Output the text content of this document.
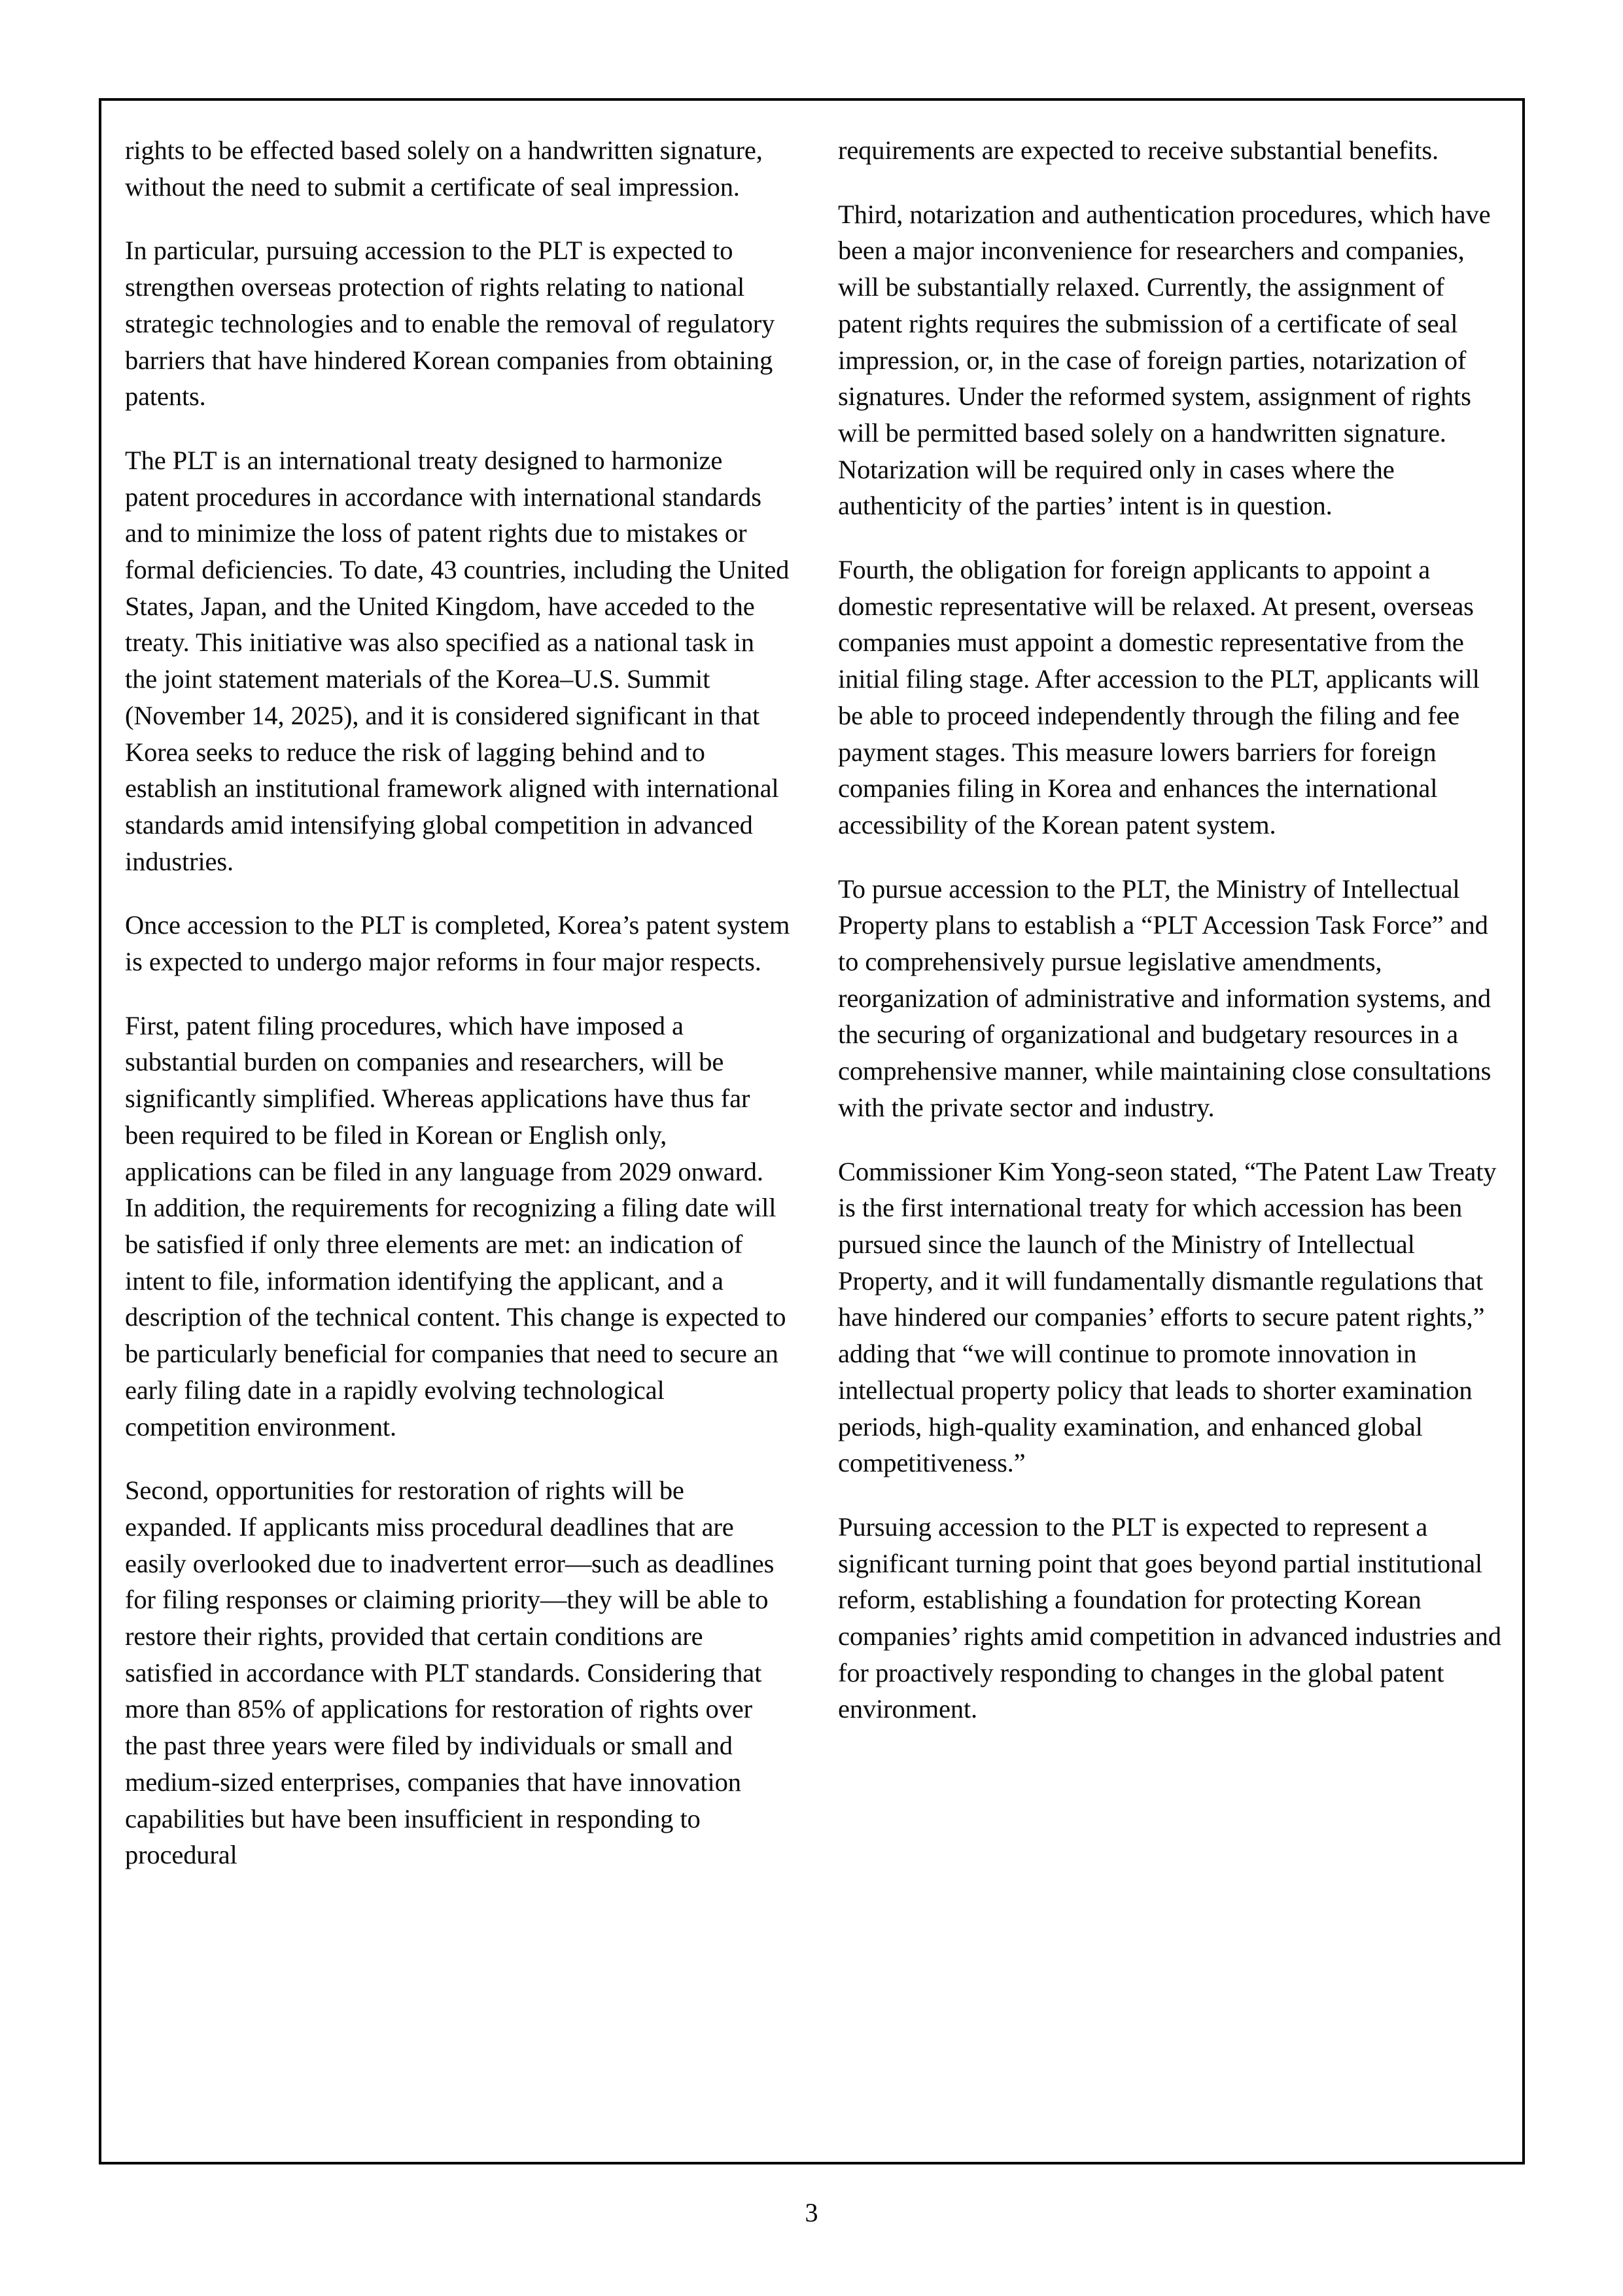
rights to be effected based solely on a handwritten signature, without the need to submit a certificate of seal impression.

In particular, pursuing accession to the PLT is expected to strengthen overseas protection of rights relating to national strategic technologies and to enable the removal of regulatory barriers that have hindered Korean companies from obtaining patents.

The PLT is an international treaty designed to harmonize patent procedures in accordance with international standards and to minimize the loss of patent rights due to mistakes or formal deficiencies. To date, 43 countries, including the United States, Japan, and the United Kingdom, have acceded to the treaty. This initiative was also specified as a national task in the joint statement materials of the Korea–U.S. Summit (November 14, 2025), and it is considered significant in that Korea seeks to reduce the risk of lagging behind and to establish an institutional framework aligned with international standards amid intensifying global competition in advanced industries.

Once accession to the PLT is completed, Korea’s patent system is expected to undergo major reforms in four major respects.

First, patent filing procedures, which have imposed a substantial burden on companies and researchers, will be significantly simplified. Whereas applications have thus far been required to be filed in Korean or English only, applications can be filed in any language from 2029 onward. In addition, the requirements for recognizing a filing date will be satisfied if only three elements are met: an indication of intent to file, information identifying the applicant, and a description of the technical content. This change is expected to be particularly beneficial for companies that need to secure an early filing date in a rapidly evolving technological competition environment.

Second, opportunities for restoration of rights will be expanded. If applicants miss procedural deadlines that are easily overlooked due to inadvertent error—such as deadlines for filing responses or claiming priority—they will be able to restore their rights, provided that certain conditions are satisfied in accordance with PLT standards. Considering that more than 85% of applications for restoration of rights over the past three years were filed by individuals or small and medium-sized enterprises, companies that have innovation capabilities but have been insufficient in responding to procedural

requirements are expected to receive substantial benefits.

Third, notarization and authentication procedures, which have been a major inconvenience for researchers and companies, will be substantially relaxed. Currently, the assignment of patent rights requires the submission of a certificate of seal impression, or, in the case of foreign parties, notarization of signatures. Under the reformed system, assignment of rights will be permitted based solely on a handwritten signature. Notarization will be required only in cases where the authenticity of the parties’ intent is in question.

Fourth, the obligation for foreign applicants to appoint a domestic representative will be relaxed. At present, overseas companies must appoint a domestic representative from the initial filing stage. After accession to the PLT, applicants will be able to proceed independently through the filing and fee payment stages. This measure lowers barriers for foreign companies filing in Korea and enhances the international accessibility of the Korean patent system.

To pursue accession to the PLT, the Ministry of Intellectual Property plans to establish a “PLT Accession Task Force” and to comprehensively pursue legislative amendments, reorganization of administrative and information systems, and the securing of organizational and budgetary resources in a comprehensive manner, while maintaining close consultations with the private sector and industry.

Commissioner Kim Yong-seon stated, “The Patent Law Treaty is the first international treaty for which accession has been pursued since the launch of the Ministry of Intellectual Property, and it will fundamentally dismantle regulations that have hindered our companies’ efforts to secure patent rights,” adding that “we will continue to promote innovation in intellectual property policy that leads to shorter examination periods, high-quality examination, and enhanced global competitiveness.”

Pursuing accession to the PLT is expected to represent a significant turning point that goes beyond partial institutional reform, establishing a foundation for protecting Korean companies’ rights amid competition in advanced industries and for proactively responding to changes in the global patent environment.

3
